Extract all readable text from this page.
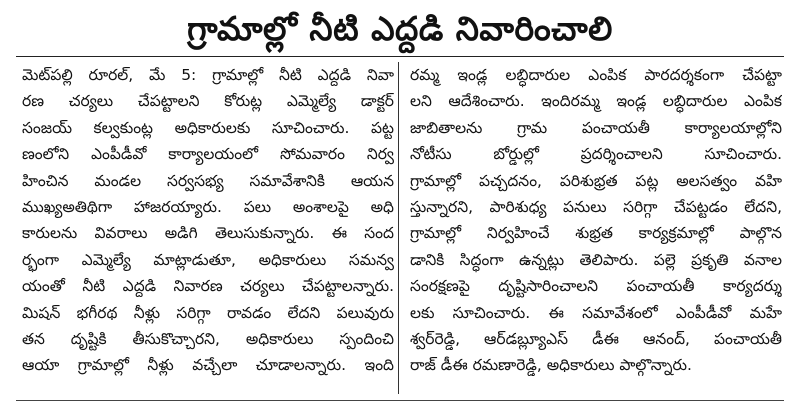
గ్రామాల్లో నీటి ఎద్దడి నివారించాలి
మెట్‌పల్లి రూరల్‌, మే 5: గ్రామాల్లో నీటి ఎద్దడి నివా
రణ చర్యలు చేపట్టాలని కోరుట్ల ఎమ్మెల్యే డాక్టర్‌
సంజయ్‌ కల్వకుంట్ల అధికారులకు సూచించారు. పట్ట
ణంలోని ఎంపీడీవో కార్యాలయంలో సోమవారం నిర్వ
హించిన మండల సర్వసభ్య సమావేశానికి ఆయన
ముఖ్యఅతిథిగా హాజరయ్యారు. పలు అంశాలపై అధి
కారులను వివరాలు అడిగి తెలుసుకున్నారు. ఈ సంద
ర్భంగా ఎమ్మెల్యే మాట్లాడుతూ, అధికారులు సమన్వ
యంతో నీటి ఎద్దడి నివారణ చర్యలు చేపట్టాలన్నారు.
మిషన్‌ భగీరథ నీళ్లు సరిగ్గా రావడం లేదని పలువురు
తన దృష్టికి తీసుకొచ్చారని, అధికారులు స్పందించి
ఆయా గ్రామాల్లో నీళ్లు వచ్చేలా చూడాలన్నారు. ఇంది
రమ్మ ఇండ్ల లబ్ధిదారుల ఎంపిక పారదర్శకంగా చేపట్టా
లని ఆదేశించారు. ఇందిరమ్మ ఇండ్ల లబ్ధిదారుల ఎంపిక
జాబితాలను గ్రామ పంచాయతీ కార్యాలయాల్లోని
నోటీసు బోర్డుల్లో ప్రదర్శించాలని సూచించారు.
గ్రామాల్లో పచ్చదనం, పరిశుభ్రత పట్ల అలసత్వం వహి
స్తున్నారని, పారిశుధ్య పనులు సరిగ్గా చేపట్టడం లేదని,
గ్రామాల్లో నిర్వహించే శుభ్రత కార్యక్రమాల్లో పాల్గొన
డానికి సిద్ధంగా ఉన్నట్లు తెలిపారు. పల్లె ప్రకృతి వనాల
సంరక్షణపై దృష్టిసారించాలని పంచాయతీ కార్యదర్శు
లకు సూచించారు. ఈ సమావేశంలో ఎంపీడీవో మహే
శ్వర్‌రెడ్డి, ఆర్‌డబ్ల్యూఎస్‌ డీఈ ఆనంద్‌, పంచాయతీ
రాజ్‌ డీఈ రమణారెడ్డి, అధికారులు పాల్గొన్నారు.
